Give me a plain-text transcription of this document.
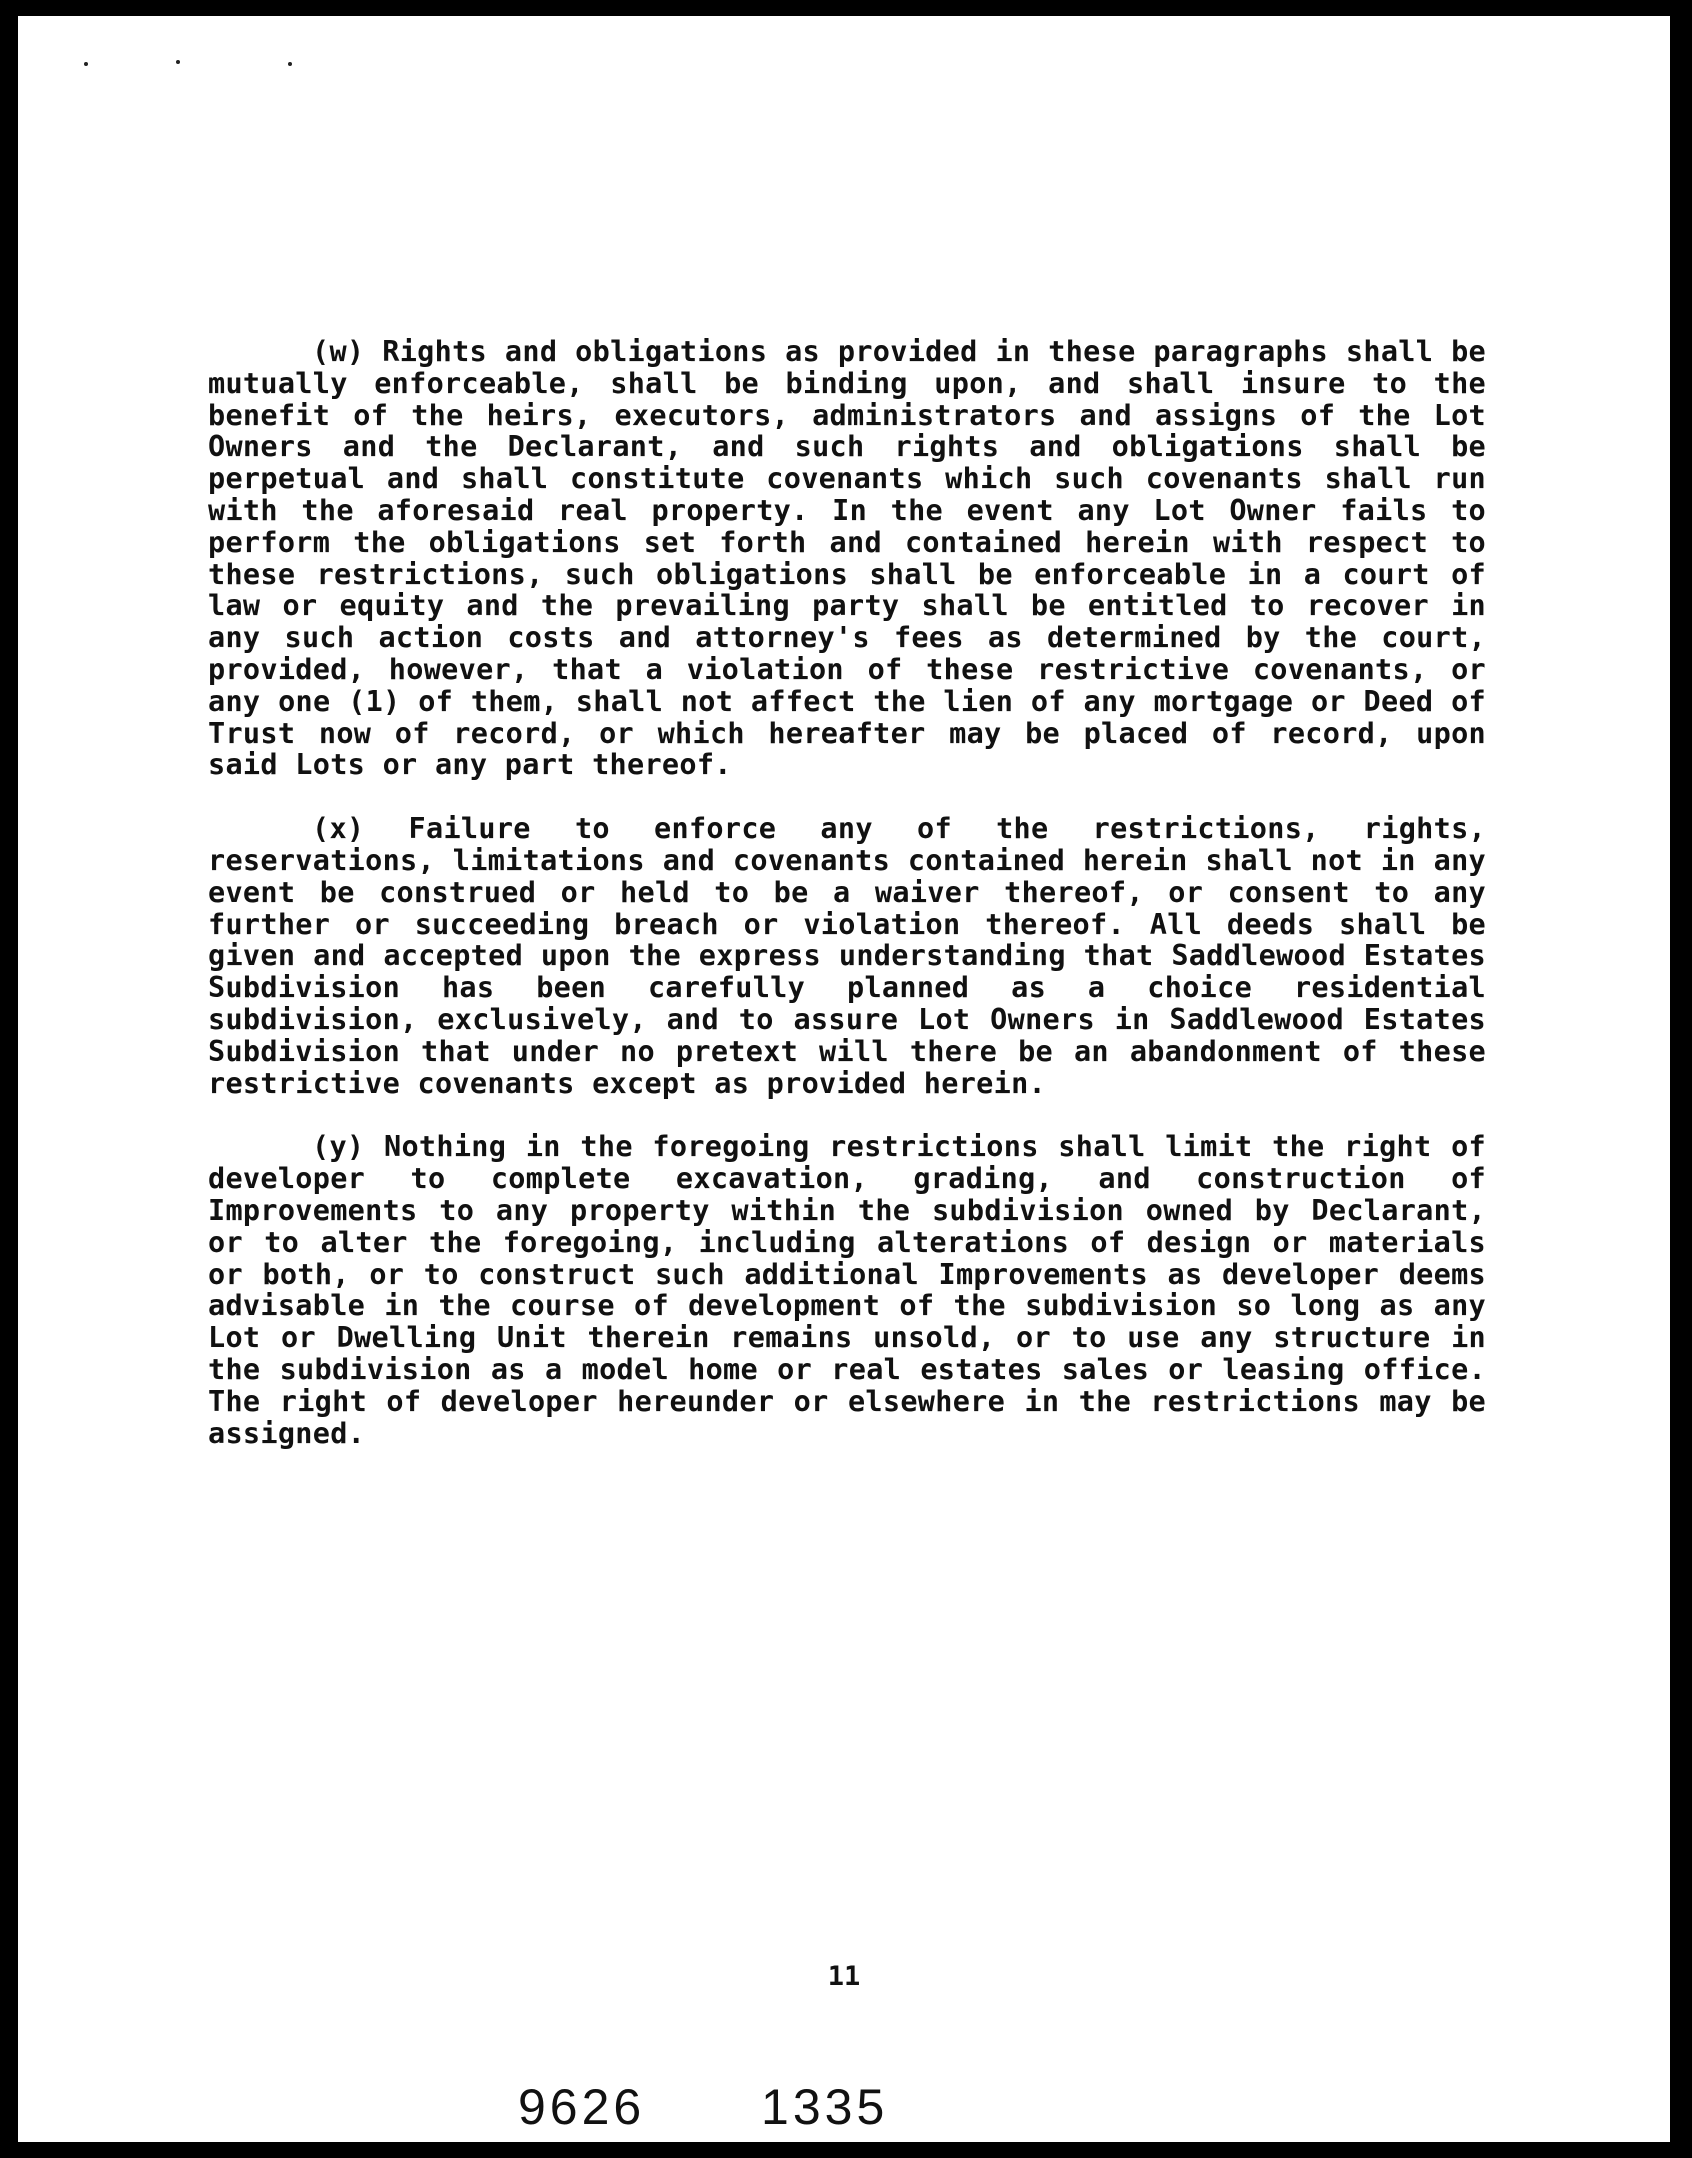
(w) Rights and obligations as provided in these paragraphs shall be mutually enforceable, shall be binding upon, and shall insure to the benefit of the heirs, executors, administrators and assigns of the Lot Owners and the Declarant, and such rights and obligations shall be perpetual and shall constitute covenants which such covenants shall run with the aforesaid real property. In the event any Lot Owner fails to perform the obligations set forth and contained herein with respect to these restrictions, such obligations shall be enforceable in a court of law or equity and the prevailing party shall be entitled to recover in any such action costs and attorney's fees as determined by the court, provided, however, that a violation of these restrictive covenants, or any one (1) of them, shall not affect the lien of any mortgage or Deed of Trust now of record, or which hereafter may be placed of record, upon said Lots or any part thereof.

(x) Failure to enforce any of the restrictions, rights, reservations, limitations and covenants contained herein shall not in any event be construed or held to be a waiver thereof, or consent to any further or succeeding breach or violation thereof. All deeds shall be given and accepted upon the express understanding that Saddlewood Estates Subdivision has been carefully planned as a choice residential subdivision, exclusively, and to assure Lot Owners in Saddlewood Estates Subdivision that under no pretext will there be an abandonment of these restrictive covenants except as provided herein.

(y) Nothing in the foregoing restrictions shall limit the right of developer to complete excavation, grading, and construction of Improvements to any property within the subdivision owned by Declarant, or to alter the foregoing, including alterations of design or materials or both, or to construct such additional Improvements as developer deems advisable in the course of development of the subdivision so long as any Lot or Dwelling Unit therein remains unsold, or to use any structure in the subdivision as a model home or real estates sales or leasing office. The right of developer hereunder or elsewhere in the restrictions may be assigned.

11
9626 1335
